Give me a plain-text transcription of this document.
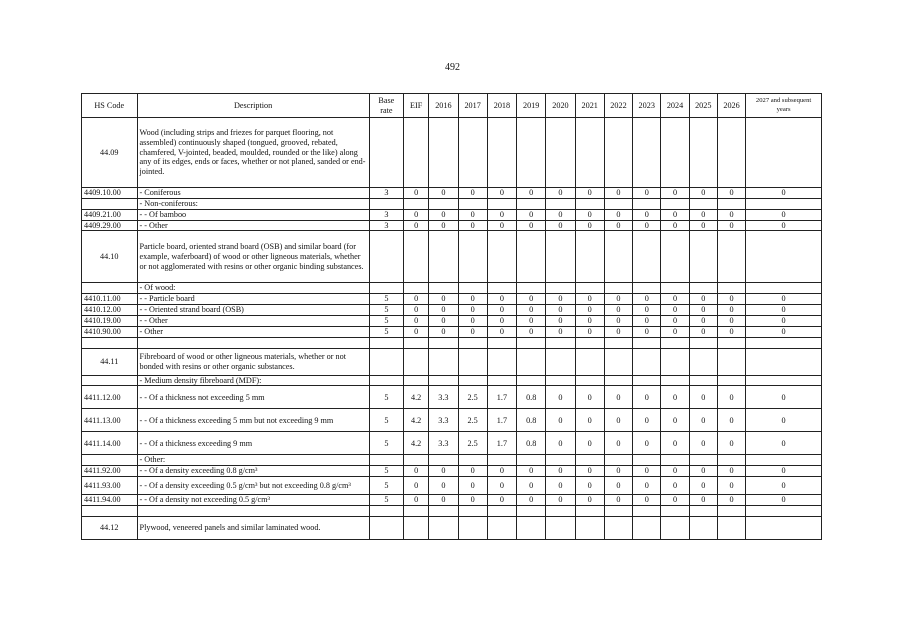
492
HS Code	Description	Base rate	EIF	2016	2017	2018	2019	2020	2021	2022	2023	2024	2025	2026	2027 and subsequent years
44.09	Wood (including strips and friezes for parquet flooring, not assembled) continuously shaped (tongued, grooved, rebated, chamfered, V-jointed, beaded, moulded, rounded or the like) along any of its edges, ends or faces, whether or not planed, sanded or end-jointed.														
4409.10.00	- Coniferous	3	0	0	0	0	0	0	0	0	0	0	0	0	0
	- Non-coniferous:														
4409.21.00	- - Of bamboo	3	0	0	0	0	0	0	0	0	0	0	0	0	0
4409.29.00	- - Other	3	0	0	0	0	0	0	0	0	0	0	0	0	0
44.10	Particle board, oriented strand board (OSB) and similar board (for example, waferboard) of wood or other ligneous materials, whether or not agglomerated with resins or other organic binding substances.														
	- Of wood:														
4410.11.00	- - Particle board	5	0	0	0	0	0	0	0	0	0	0	0	0	0
4410.12.00	- - Oriented strand board (OSB)	5	0	0	0	0	0	0	0	0	0	0	0	0	0
4410.19.00	- - Other	5	0	0	0	0	0	0	0	0	0	0	0	0	0
4410.90.00	- Other	5	0	0	0	0	0	0	0	0	0	0	0	0	0

44.11	Fibreboard of wood or other ligneous materials, whether or not bonded with resins or other organic substances.														
	- Medium density fibreboard (MDF):														
4411.12.00	- - Of a thickness not exceeding 5 mm	5	4.2	3.3	2.5	1.7	0.8	0	0	0	0	0	0	0	0
4411.13.00	- - Of a thickness exceeding 5 mm but not exceeding 9 mm	5	4.2	3.3	2.5	1.7	0.8	0	0	0	0	0	0	0	0
4411.14.00	- - Of a thickness exceeding 9 mm	5	4.2	3.3	2.5	1.7	0.8	0	0	0	0	0	0	0	0
	- Other:														
4411.92.00	- - Of a density exceeding 0.8 g/cm³	5	0	0	0	0	0	0	0	0	0	0	0	0	0
4411.93.00	- - Of a density exceeding 0.5 g/cm³ but not exceeding 0.8 g/cm³	5	0	0	0	0	0	0	0	0	0	0	0	0	0
4411.94.00	- - Of a density not exceeding 0.5 g/cm³	5	0	0	0	0	0	0	0	0	0	0	0	0	0

44.12	Plywood, veneered panels and similar laminated wood.														
